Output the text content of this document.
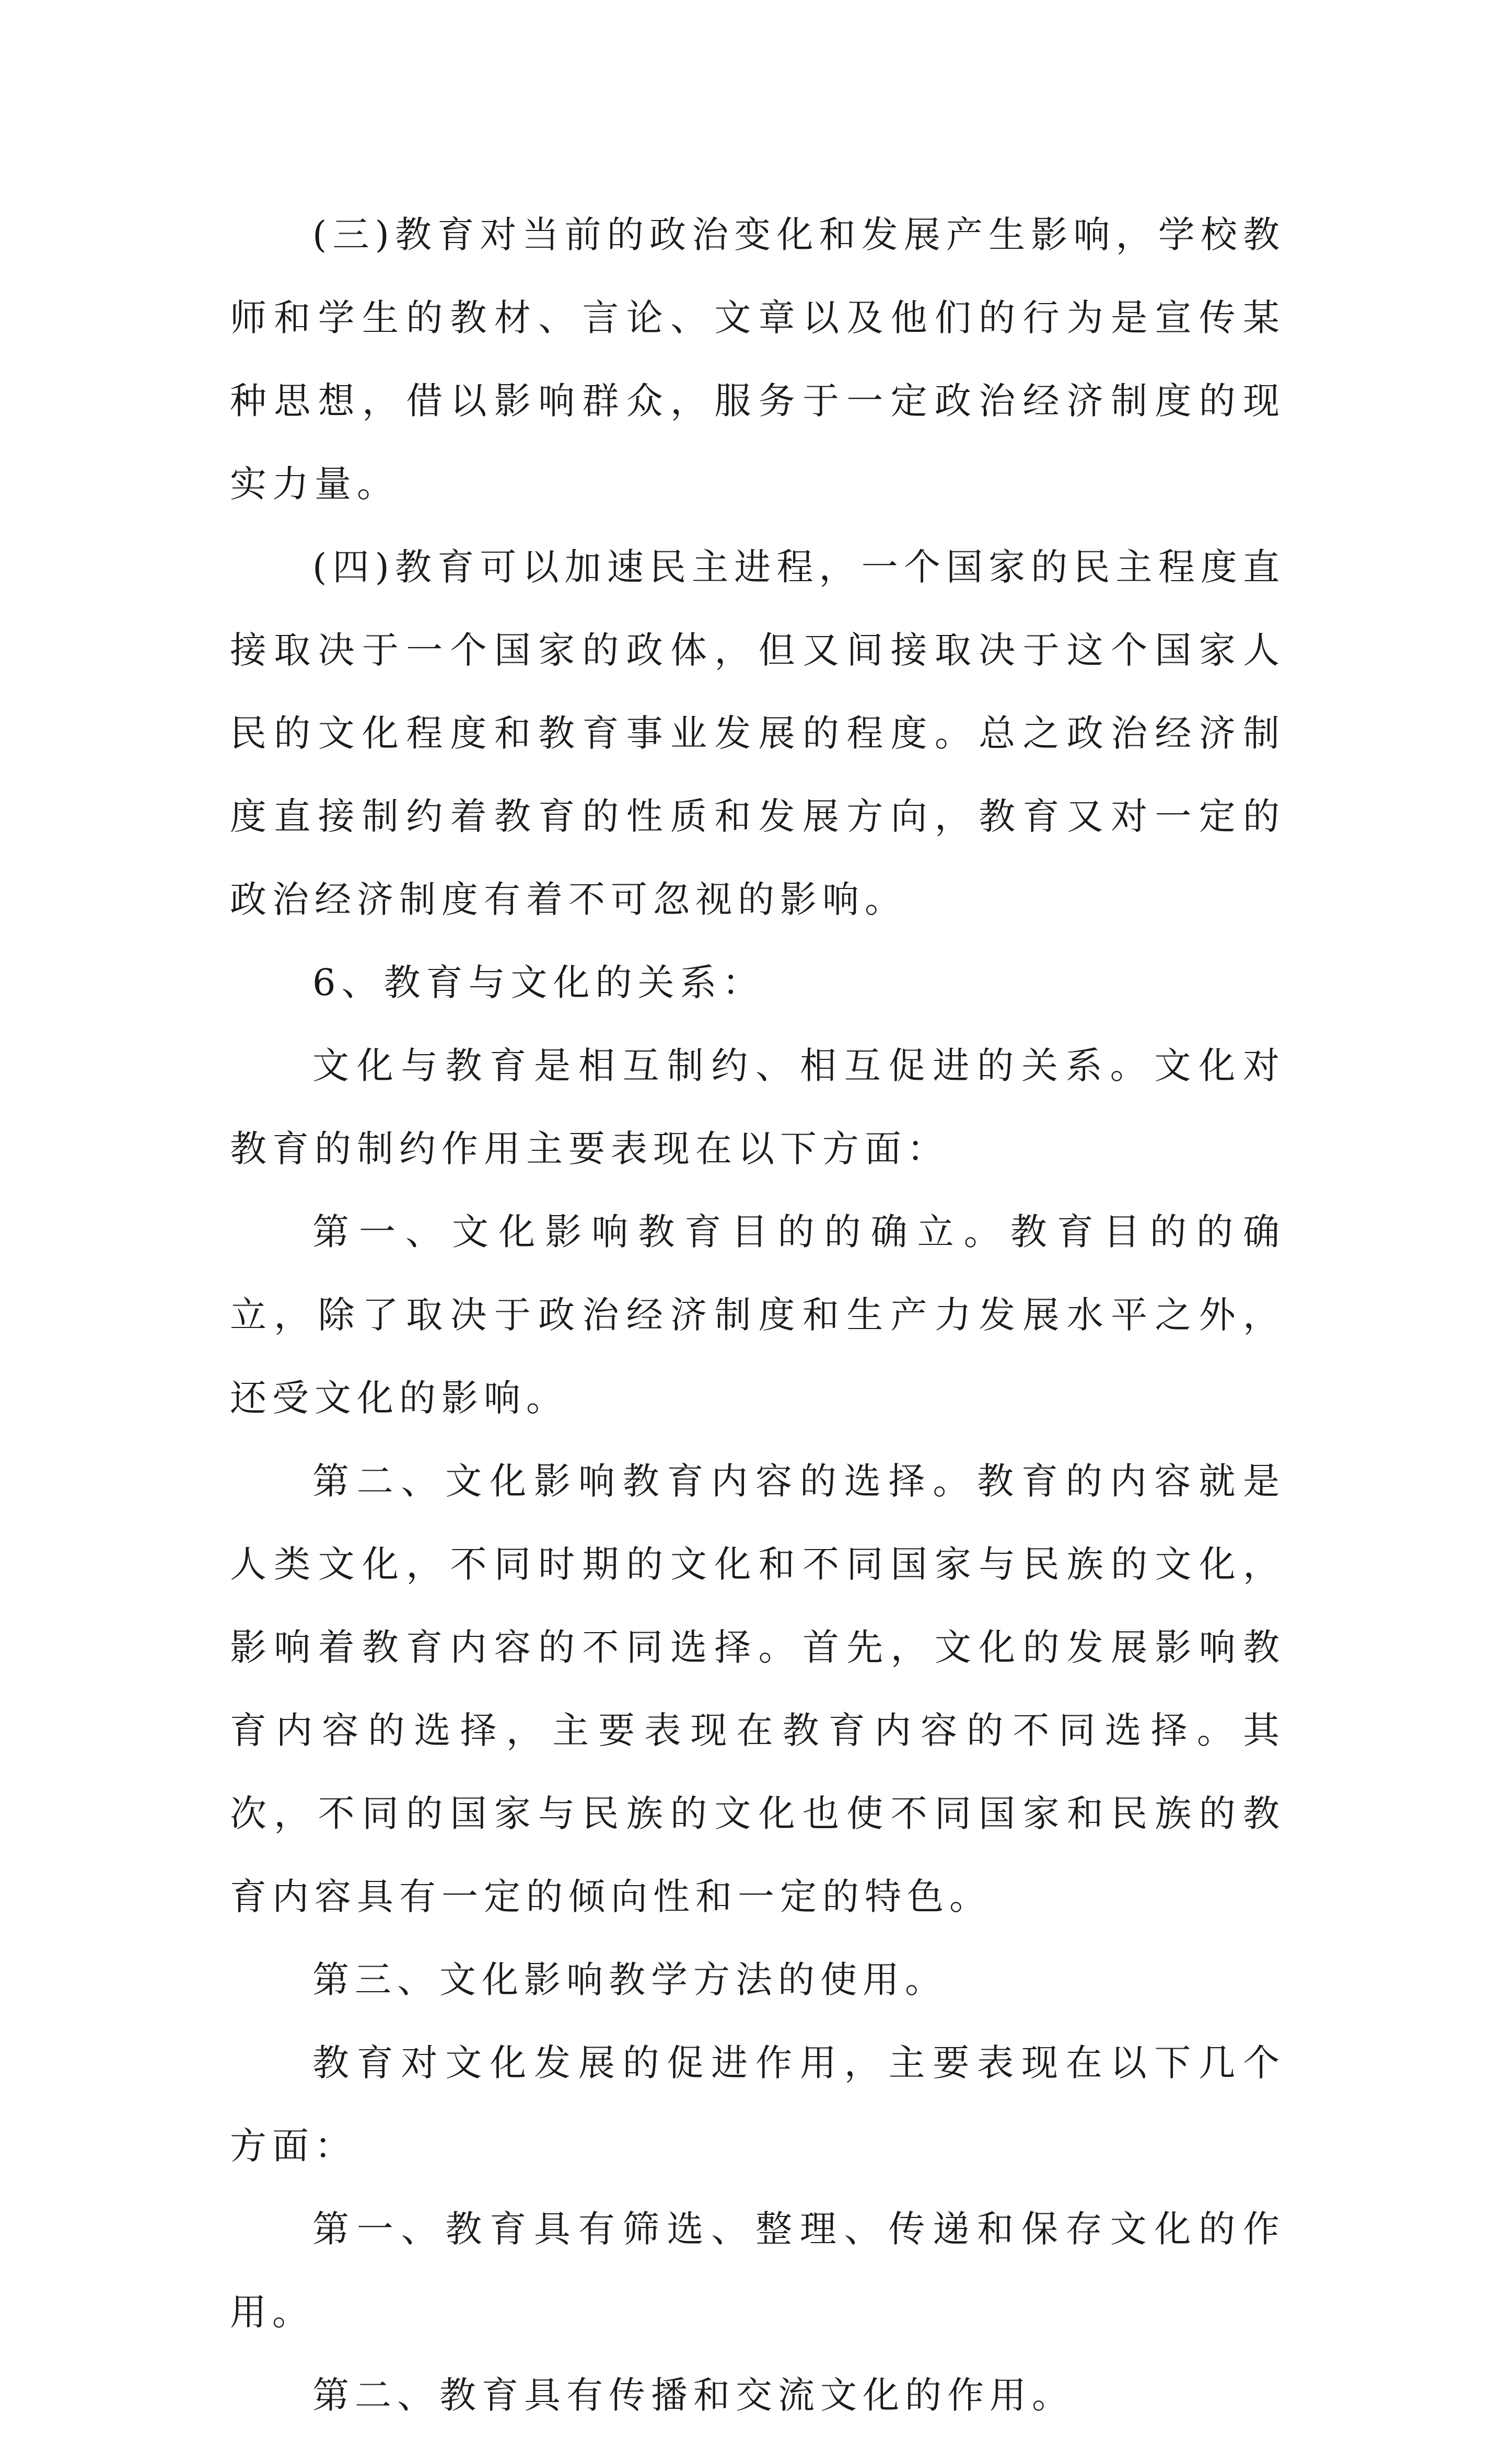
(三)教育对当前的政治变化和发展产生影响，学校教师和学生的教材、言论、文章以及他们的行为是宣传某种思想，借以影响群众，服务于一定政治经济制度的现实力量。

(四)教育可以加速民主进程，一个国家的民主程度直接取决于一个国家的政体，但又间接取决于这个国家人民的文化程度和教育事业发展的程度。总之政治经济制度直接制约着教育的性质和发展方向，教育又对一定的政治经济制度有着不可忽视的影响。

6、教育与文化的关系：

文化与教育是相互制约、相互促进的关系。文化对教育的制约作用主要表现在以下方面：

第一、文化影响教育目的的确立。教育目的的确立，除了取决于政治经济制度和生产力发展水平之外，还受文化的影响。

第二、文化影响教育内容的选择。教育的内容就是人类文化，不同时期的文化和不同国家与民族的文化，影响着教育内容的不同选择。首先，文化的发展影响教育内容的选择，主要表现在教育内容的不同选择。其次，不同的国家与民族的文化也使不同国家和民族的教育内容具有一定的倾向性和一定的特色。

第三、文化影响教学方法的使用。

教育对文化发展的促进作用，主要表现在以下几个方面：

第一、教育具有筛选、整理、传递和保存文化的作用。

第二、教育具有传播和交流文化的作用。
